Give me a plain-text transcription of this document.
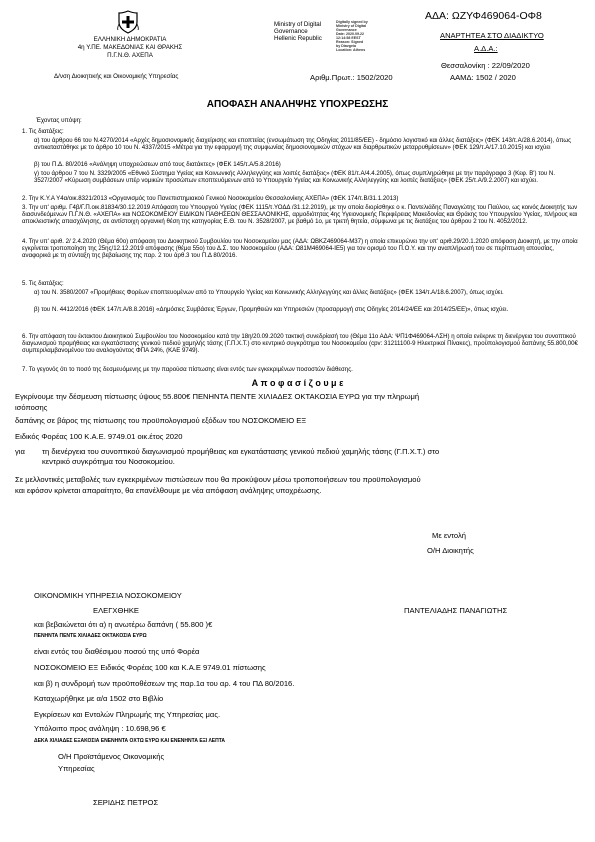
ΑΔΑ: ΩΖΥΦ469064-ΟΦ8
ΕΛΛΗΝΙΚΗ ΔΗΜΟΚΡΑΤΙΑ
4η Υ.ΠΕ. ΜΑΚΕΔΟΝΙΑΣ ΚΑΙ ΘΡΑΚΗΣ
Π.Γ.Ν.Θ. ΑΧΕΠΑ
Δ/νση Διοικητικής και Οικονομικής Υπηρεσίας
Ministry of Digital
Governance
Hellenic Republic
Digitally signed by
Ministry of Digital
Governance
Date: 2020.09.22
12:14:58 EEST
Reason: Signed
by Diavgeia
Location: Athens
ΑΝΑΡΤΗΤΕΑ ΣΤΟ ΔΙΑΔΙΚΤΥΟ
Α.Δ.Α.:
Θεσσαλονίκη : 22/09/2020
Αριθμ.Πρωτ.: 1502/2020	ΑΑΜΔ: 1502 / 2020
ΑΠΟΦΑΣΗ ΑΝΑΛΗΨΗΣ ΥΠΟΧΡΕΩΣΗΣ
Έχοντας υπόψη:
1. Τις διατάξεις:
α) του άρθρου 66 του Ν.4270/2014 «Αρχές δημοσιονομικής διαχείρισης και εποπτείας (ενσωμάτωση της Οδηγίας 2011/85/ΕΕ) - δημόσιο λογιστικό και άλλες διατάξεις» (ΦΕΚ 143/τ.Α/28.6.2014), όπως αντικαταστάθηκε με το άρθρο 10 του Ν. 4337/2015 «Μέτρα για την εφαρμογή της συμφωνίας δημοσιονομικών στόχων και διαρθρωτικών μεταρρυθμίσεων» (ΦΕΚ 129/τ.Α/17.10.2015) και ισχύει
β) του Π.Δ. 80/2016 «Ανάληψη υποχρεώσεων από τους διατάκτες» (ΦΕΚ 145/τ.Α/5.8.2016)
γ) του άρθρου 7 του Ν. 3329/2005 «Εθνικό Σύστημα Υγείας και Κοινωνικής Αλληλεγγύης και λοιπές διατάξεις» (ΦΕΚ 81/τ.Α/4.4.2005), όπως συμπληρώθηκε με την παράγραφο 3 (Κεφ. Β') του Ν. 3527/2007 «Κύρωση συμβάσεων υπέρ νομικών προσώπων εποπτευόμενων από το Υπουργείο Υγείας και Κοινωνικής Αλληλεγγύης και λοιπές διατάξεις» (ΦΕΚ 25/τ.Α/9.2.2007) και ισχύει.
2. Την Κ.Υ.Α Υ4α/οικ.8321/2013 «Οργανισμός του Πανεπιστημιακού Γενικού Νοσοκομείου Θεσσαλονίκης ΑΧΕΠΑ» (ΦΕΚ 174/τ.Β/31.1.2013)
3. Την υπ' αριθμ. Γ4β/Γ.Π.οικ.81834/30.12.2019 Απόφαση του Υπουργού Υγείας (ΦΕΚ 1115/τ.ΥΟΔΔ /31.12.2019), με την οποία διορίσθηκε ο κ. Παντελιάδης Παναγιώτης του Παύλου, ως κοινός Διοικητής των διασυνδεόμενων Π.Γ.Ν.Θ. «ΑΧΕΠΑ» και ΝΟΣΟΚΟΜΕΙΟΥ ΕΙΔΙΚΩΝ ΠΑΘΗΣΕΩΝ ΘΕΣΣΑΛΟΝΙΚΗΣ, αρμοδιότητας 4ης Υγειονομικής Περιφέρειας Μακεδονίας και Θράκης του Υπουργείου Υγείας, πλήρους και αποκλειστικής απασχόλησης, σε αντίστοιχη οργανική θέση της κατηγορίας Ε.Θ. του Ν. 3528/2007, με βαθμό 1ο, με τριετή θητεία, σύμφωνα με τις διατάξεις του άρθρου 2 του Ν. 4052/2012.
4. Την υπ' αριθ. 2/ 2.4.2020 (Θέμα 60ο) απόφαση του Διοικητικού Συμβουλίου του Νοσοκομείου μας (ΑΔΑ: ΩΒΚΖ469064-Μ37) η οποία επικυρώνει την υπ' αριθ.29/20.1.2020 απόφαση Διοικητή, με την οποία εγκρίνεται τροποποίηση της 25ης/12.12.2019 απόφασης (θέμα 55ο) του Δ.Σ. του Νοσοκομείου (ΑΔΑ: Ω81Μ469064-ΙΕ5) για τον ορισμό του Π.Ο.Υ. και την αναπλήρωσή του σε περίπτωση απουσίας, αναφορικά με τη σύνταξη της βεβαίωσης της παρ. 2 του άρθ.3 του Π.Δ 80/2016.
5. Τις διατάξεις:
α) του Ν. 3580/2007 «Προμήθειες Φορέων εποπτευομένων από το Υπουργείο Υγείας και Κοινωνικής Αλληλεγγύης και άλλες διατάξεις» (ΦΕΚ 134/τ.Α/18.6.2007), όπως ισχύει.
β) του Ν. 4412/2016 (ΦΕΚ 147/τ.Α/8.8.2016) «Δημόσιες Συμβάσεις Έργων, Προμηθειών και Υπηρεσιών (προσαρμογή στις Οδηγίες 2014/24/ΕΕ και 2014/25/ΕΕ)», όπως ισχύει.
6. Την απόφαση του έκτακτου Διοικητικού Συμβουλίου του Νοσοκομείου κατά την 18η/20.09.2020 τακτική συνεδρίασή του (Θέμα 11ο ΑΔΑ: ΨΠ1Φ469064-ΛΣΗ) η οποία ενέκρινε τη διενέργεια του συνοπτικού διαγωνισμού προμήθειας και εγκατάστασης γενικού πεδιού χαμηλής τάσης (Γ.Π.Χ.Τ.) στο κεντρικό συγκρότημα του Νοσοκομείου (cpv: 31211100-9 Ηλεκτρικοί Πίνακες), προϋπολογισμού δαπάνης 55.800,00€ συμπεριλαμβανομένου του αναλογούντος ΦΠΑ 24%, (ΚΑΕ 9749).
7. Το γεγονός ότι το ποσό της δεσμευόμενης με την παρούσα πίστωσης είναι εντός των εγκεκριμένων ποσοστών διάθεσης.
Α π ο φ α σ ί ζ ο υ μ ε
Εγκρίνουμε την δέσμευση πίστωσης ύψους 55.800€ ΠΕΝΗΝΤΑ ΠΕΝΤΕ ΧΙΛΙΑΔΕΣ ΟΚΤΑΚΟΣΙΑ ΕΥΡΩ για την πληρωμή
ισόποσης
δαπάνης σε βάρος της πίστωσης του προϋπολογισμού εξόδων του ΝΟΣΟΚΟΜΕΙΟ ΕΞ
Ειδικός Φορέας 100 Κ.Α.Ε. 9749.01 οικ.έτος 2020
για τη διενέργεια του συνοπτικού διαγωνισμού προμήθειας και εγκατάστασης γενικού πεδιού χαμηλής τάσης (Γ.Π.Χ.Τ.) στο
κεντρικό συγκρότημα του Νοσοκομείου.
Σε μελλοντικές μεταβολές των εγκεκριμένων πιστώσεων που θα προκύψουν μέσω τροποποιήσεων του προϋπολογισμού
και εφόσον κρίνεται απαραίτητο, θα επανέλθουμε με νέα απόφαση ανάληψης υποχρέωσης.
Με εντολή
Ο/Η Διοικητής
ΟΙΚΟΝΟΜΙΚΗ ΥΠΗΡΕΣΙΑ ΝΟΣΟΚΟΜΕΙΟΥ
ΕΛΕΓΧΘΗΚΕ	ΠΑΝΤΕΛΙΑΔΗΣ ΠΑΝΑΓΙΩΤΗΣ
και βεβαιώνεται ότι α) η ανωτέρω δαπάνη ( 55.800 )€
ΠΕΝΗΝΤΑ ΠΕΝΤΕ ΧΙΛΙΑΔΕΣ ΟΚΤΑΚΟΣΙΑ ΕΥΡΩ
είναι εντός του διαθέσιμου ποσού της υπό Φορέα
ΝΟΣΟΚΟΜΕΙΟ ΕΞ Ειδικός Φορέας 100 και Κ.Α.Ε 9749.01 πίστωσης
και β) η συνδρομή των προϋποθέσεων της παρ.1α του αρ. 4 του ΠΔ 80/2016.
Καταχωρήθηκε με α/α 1502 στο Βιβλίο
Εγκρίσεων και Εντολών Πληρωμής της Υπηρεσίας μας.
Υπόλοιπο προς ανάληψη : 10.698,96 €
ΔΕΚΑ ΧΙΛΙΑΔΕΣ ΕΞΑΚΟΣΙΑ ΕΝΕΝΗΝΤΑ ΟΧΤΩ ΕΥΡΩ ΚΑΙ ΕΝΕΝΗΝΤΑ ΕΞΙ ΛΕΠΤΑ
Ο/Η Προϊστάμενος Οικονομικής
Υπηρεσίας
ΣΕΡΙΔΗΣ ΠΕΤΡΟΣ
